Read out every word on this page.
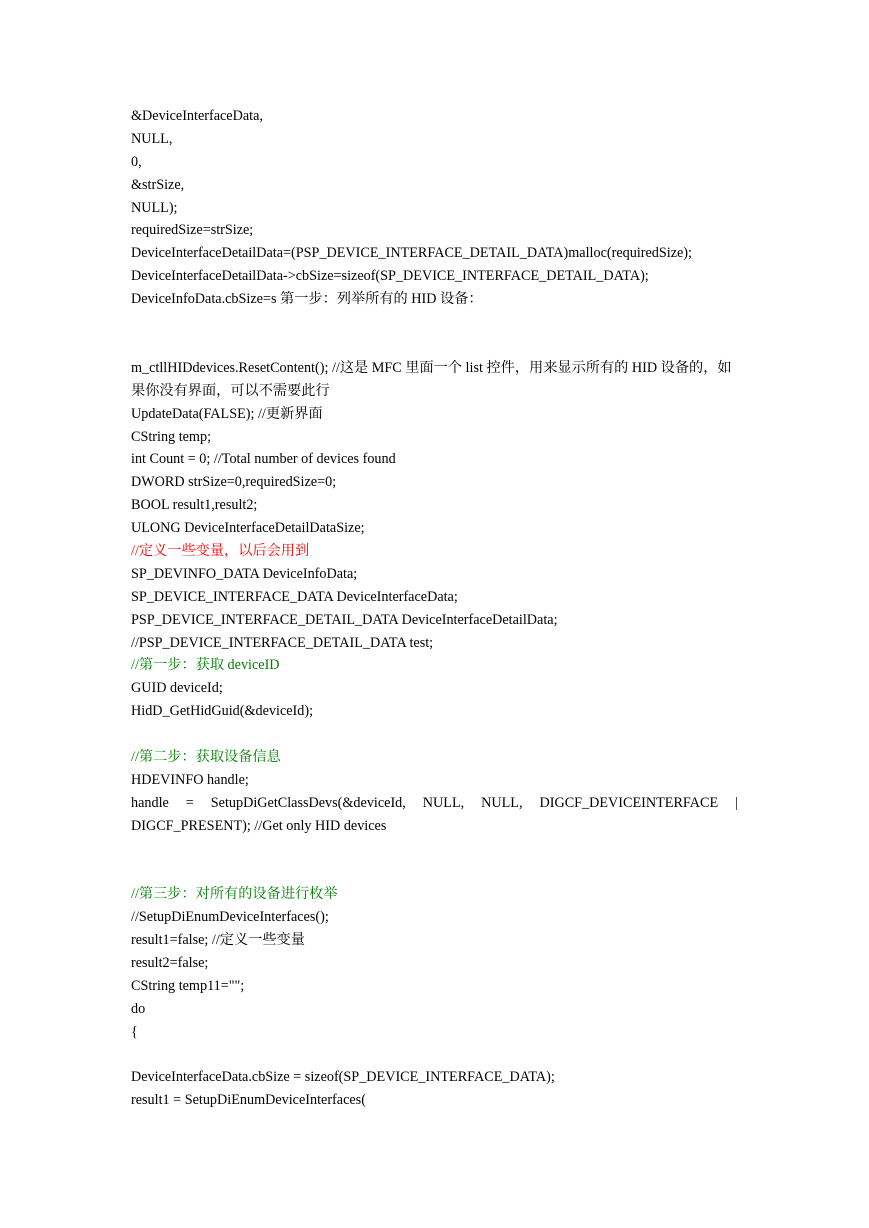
&DeviceInterfaceData,
NULL,
0,
&strSize,
NULL);
requiredSize=strSize;
DeviceInterfaceDetailData=(PSP_DEVICE_INTERFACE_DETAIL_DATA)malloc(requiredSize);
DeviceInterfaceDetailData->cbSize=sizeof(SP_DEVICE_INTERFACE_DETAIL_DATA);
DeviceInfoData.cbSize=s 第一步：列举所有的 HID 设备：
m_ctllHIDdevices.ResetContent(); //这是 MFC 里面一个 list 控件，用来显示所有的 HID 设备的，如果你没有界面，可以不需要此行
UpdateData(FALSE); //更新界面
CString temp;
int Count = 0; //Total number of devices found
DWORD strSize=0,requiredSize=0;
BOOL result1,result2;
ULONG DeviceInterfaceDetailDataSize;
//定义一些变量，以后会用到
SP_DEVINFO_DATA DeviceInfoData;
SP_DEVICE_INTERFACE_DATA DeviceInterfaceData;
PSP_DEVICE_INTERFACE_DETAIL_DATA DeviceInterfaceDetailData;
//PSP_DEVICE_INTERFACE_DETAIL_DATA test;
//第一步：获取 deviceID
GUID deviceId;
HidD_GetHidGuid(&deviceId);
//第二步：获取设备信息
HDEVINFO handle;
handle = SetupDiGetClassDevs(&deviceId, NULL, NULL, DIGCF_DEVICEINTERFACE |
DIGCF_PRESENT); //Get only HID devices
//第三步：对所有的设备进行枚举
//SetupDiEnumDeviceInterfaces();
result1=false; //定义一些变量
result2=false;
CString temp11="";
do
{
DeviceInterfaceData.cbSize = sizeof(SP_DEVICE_INTERFACE_DATA);
result1 = SetupDiEnumDeviceInterfaces(
